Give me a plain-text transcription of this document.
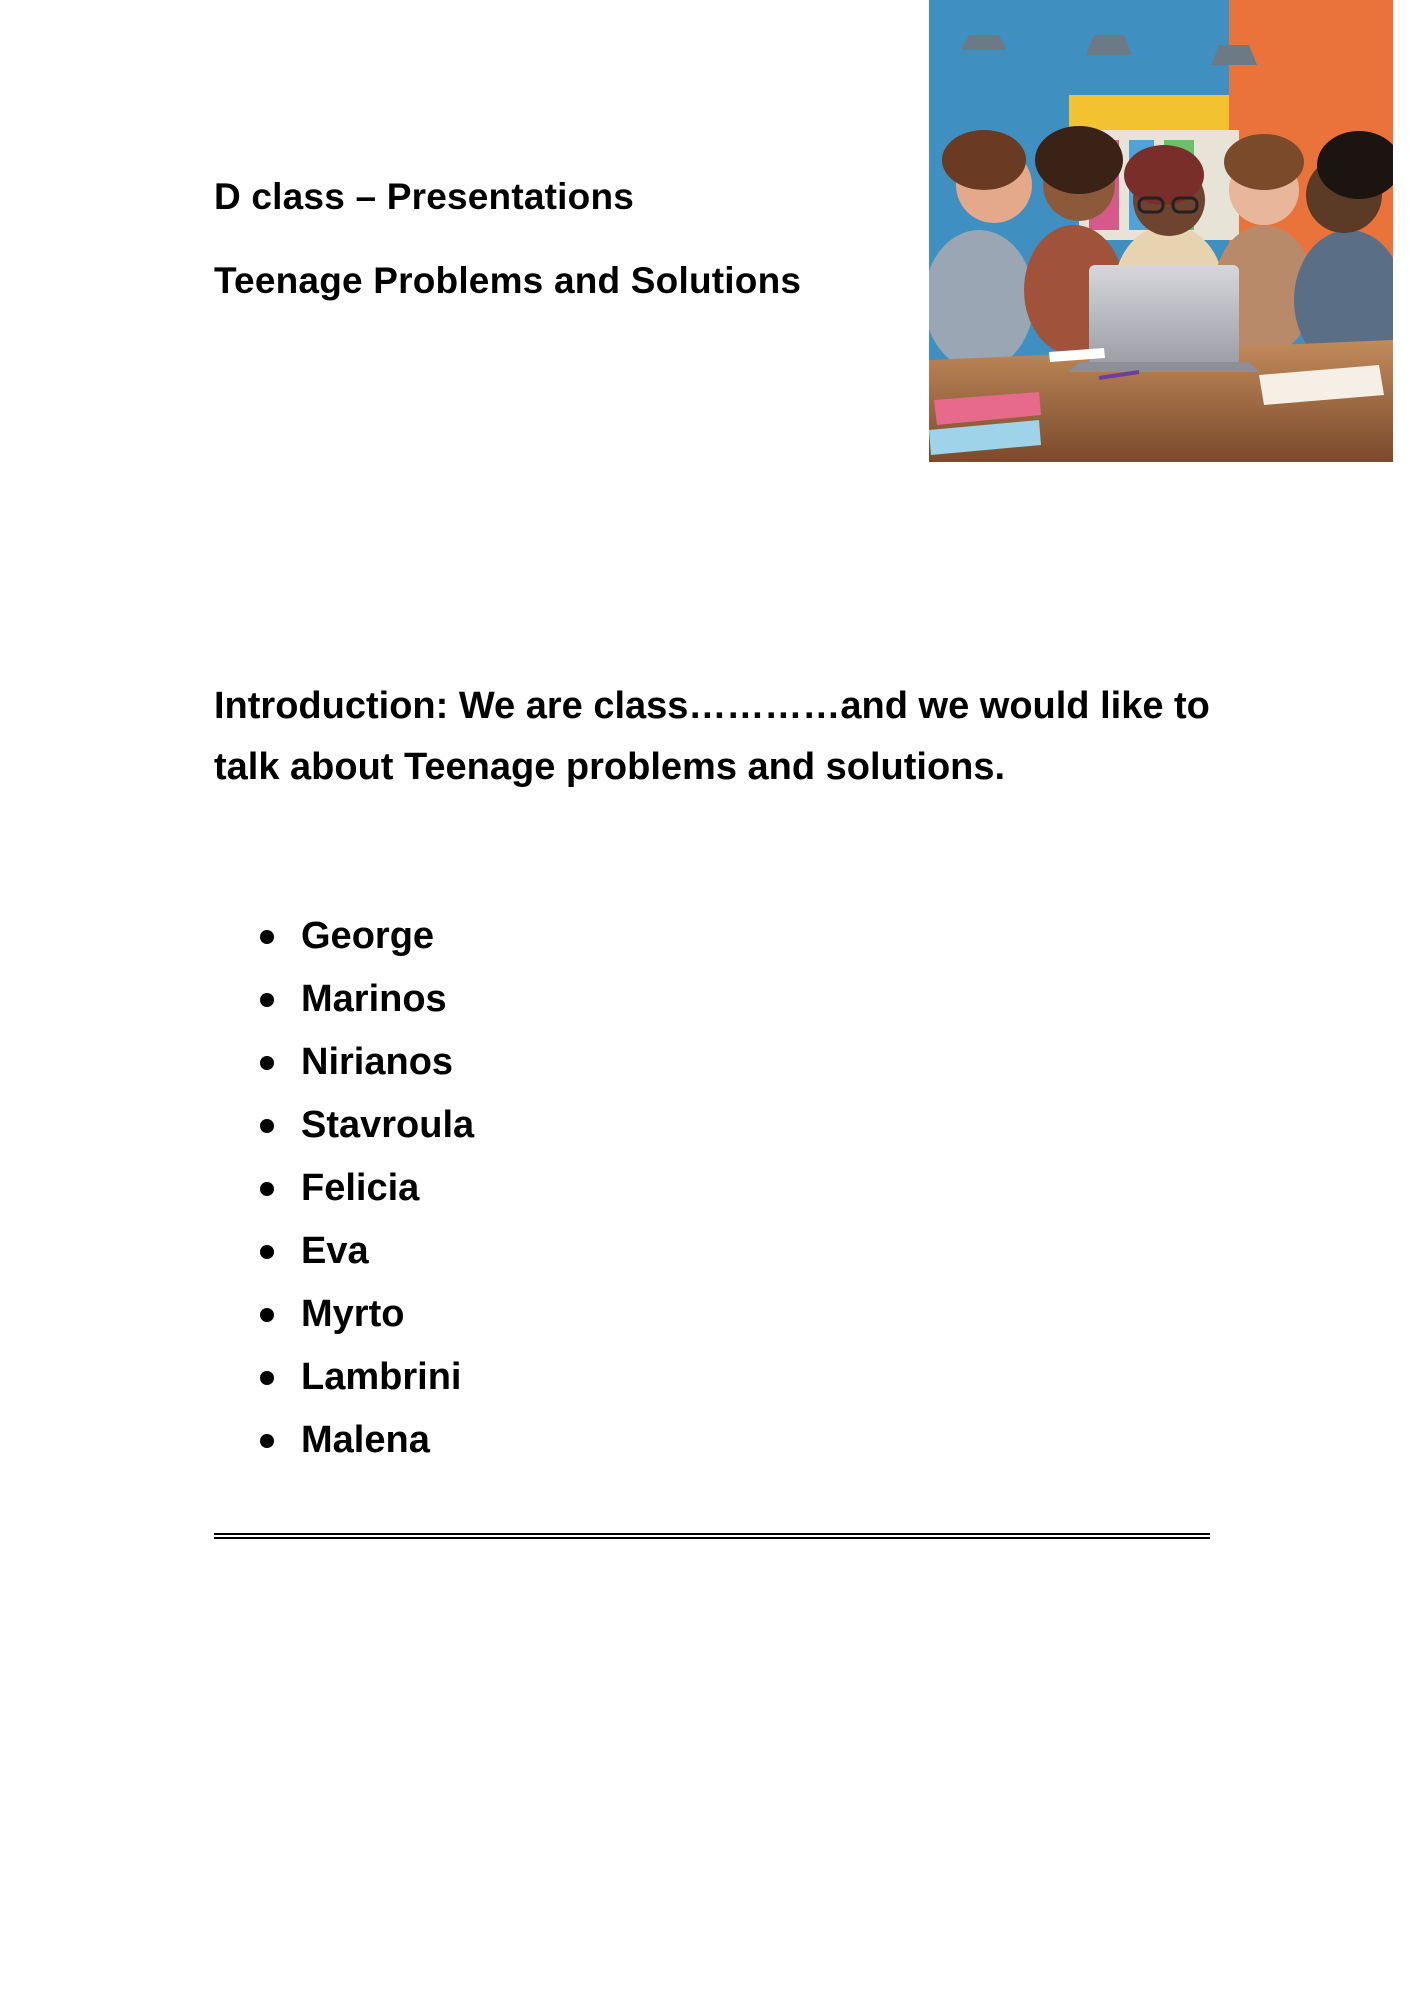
D class – Presentations
Teenage Problems and Solutions

Introduction: We are class…………and we would like to talk about Teenage problems and solutions.

George
Marinos
Nirianos
Stavroula
Felicia
Eva
Myrto
Lambrini
Malena
